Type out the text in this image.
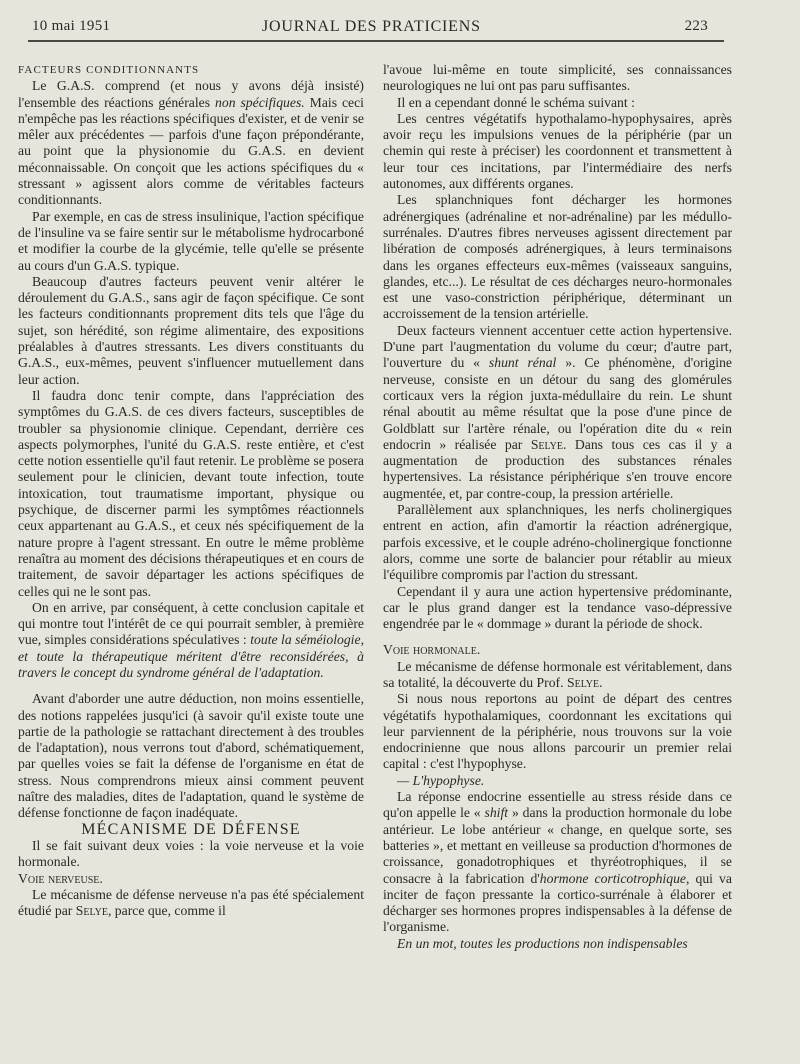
10 mai 1951	JOURNAL DES PRATICIENS	223

FACTEURS CONDITIONNANTS

Le G.A.S. comprend (et nous y avons déjà insisté) l'ensemble des réactions générales non spécifiques. Mais ceci n'empêche pas les réactions spécifiques d'exister, et de venir se mêler aux précédentes — parfois d'une façon prépondérante, au point que la physionomie du G.A.S. en devient méconnaissable. On conçoit que les actions spécifiques du « stressant » agissent alors comme de véritables facteurs conditionnants.

Par exemple, en cas de stress insulinique, l'action spécifique de l'insuline va se faire sentir sur le métabolisme hydrocarboné et modifier la courbe de la glycémie, telle qu'elle se présente au cours d'un G.A.S. typique.

Beaucoup d'autres facteurs peuvent venir altérer le déroulement du G.A.S., sans agir de façon spécifique. Ce sont les facteurs conditionnants proprement dits tels que l'âge du sujet, son hérédité, son régime alimentaire, des expositions préalables à d'autres stressants. Les divers constituants du G.A.S., eux-mêmes, peuvent s'influencer mutuellement dans leur action.

Il faudra donc tenir compte, dans l'appréciation des symptômes du G.A.S. de ces divers facteurs, susceptibles de troubler sa physionomie clinique. Cependant, derrière ces aspects polymorphes, l'unité du G.A.S. reste entière, et c'est cette notion essentielle qu'il faut retenir. Le problème se posera seulement pour le clinicien, devant toute infection, toute intoxication, tout traumatisme important, physique ou psychique, de discerner parmi les symptômes réactionnels ceux appartenant au G.A.S., et ceux nés spécifiquement de la nature propre à l'agent stressant. En outre le même problème renaîtra au moment des décisions thérapeutiques et en cours de traitement, de savoir départager les actions spécifiques de celles qui ne le sont pas.

On en arrive, par conséquent, à cette conclusion capitale et qui montre tout l'intérêt de ce qui pourrait sembler, à première vue, simples considérations spéculatives : toute la séméiologie, et toute la thérapeutique méritent d'être reconsidérées, à travers le concept du syndrome général de l'adaptation.

Avant d'aborder une autre déduction, non moins essentielle, des notions rappelées jusqu'ici (à savoir qu'il existe toute une partie de la pathologie se rattachant directement à des troubles de l'adaptation), nous verrons tout d'abord, schématiquement, par quelles voies se fait la défense de l'organisme en état de stress. Nous comprendrons mieux ainsi comment peuvent naître des maladies, dites de l'adaptation, quand le système de défense fonctionne de façon inadéquate.

MÉCANISME DE DÉFENSE

Il se fait suivant deux voies : la voie nerveuse et la voie hormonale.

Voie nerveuse.

Le mécanisme de défense nerveuse n'a pas été spécialement étudié par Selye, parce que, comme il

l'avoue lui-même en toute simplicité, ses connaissances neurologiques ne lui ont pas paru suffisantes.

Il en a cependant donné le schéma suivant :

Les centres végétatifs hypothalamo-hypophysaires, après avoir reçu les impulsions venues de la périphérie (par un chemin qui reste à préciser) les coordonnent et transmettent à leur tour ces incitations, par l'intermédiaire des nerfs autonomes, aux différents organes.

Les splanchniques font décharger les hormones adrénergiques (adrénaline et nor-adrénaline) par les médullo-surrénales. D'autres fibres nerveuses agissent directement par libération de composés adrénergiques, à leurs terminaisons dans les organes effecteurs eux-mêmes (vaisseaux sanguins, glandes, etc...). Le résultat de ces décharges neuro-hormonales est une vaso-constriction périphérique, déterminant un accroissement de la tension artérielle.

Deux facteurs viennent accentuer cette action hypertensive. D'une part l'augmentation du volume du cœur; d'autre part, l'ouverture du « shunt rénal ». Ce phénomène, d'origine nerveuse, consiste en un détour du sang des glomérules corticaux vers la région juxta-médullaire du rein. Le shunt rénal aboutit au même résultat que la pose d'une pince de Goldblatt sur l'artère rénale, ou l'opération dite du « rein endocrin » réalisée par Selye. Dans tous ces cas il y a augmentation de production des substances rénales hypertensives. La résistance périphérique s'en trouve encore augmentée, et, par contre-coup, la pression artérielle.

Parallèlement aux splanchniques, les nerfs cholinergiques entrent en action, afin d'amortir la réaction adrénergique, parfois excessive, et le couple adréno-cholinergique fonctionne alors, comme une sorte de balancier pour rétablir au mieux l'équilibre compromis par l'action du stressant.

Cependant il y aura une action hypertensive prédominante, car le plus grand danger est la tendance vaso-dépressive engendrée par le « dommage » durant la période de shock.

Voie hormonale.

Le mécanisme de défense hormonale est véritablement, dans sa totalité, la découverte du Prof. Selye.

Si nous nous reportons au point de départ des centres végétatifs hypothalamiques, coordonnant les excitations qui leur parviennent de la périphérie, nous trouvons sur la voie endocrinienne que nous allons parcourir un premier relai capital : c'est l'hypophyse.

— L'hypophyse.

La réponse endocrine essentielle au stress réside dans ce qu'on appelle le « shift » dans la production hormonale du lobe antérieur. Le lobe antérieur « change, en quelque sorte, ses batteries », et mettant en veilleuse sa production d'hormones de croissance, gonadotrophiques et thyréotrophiques, il se consacre à la fabrication d'hormone corticotrophique, qui va inciter de façon pressante la cortico-surrénale à élaborer et décharger ses hormones propres indispensables à la défense de l'organisme.

En un mot, toutes les productions non indispensables
